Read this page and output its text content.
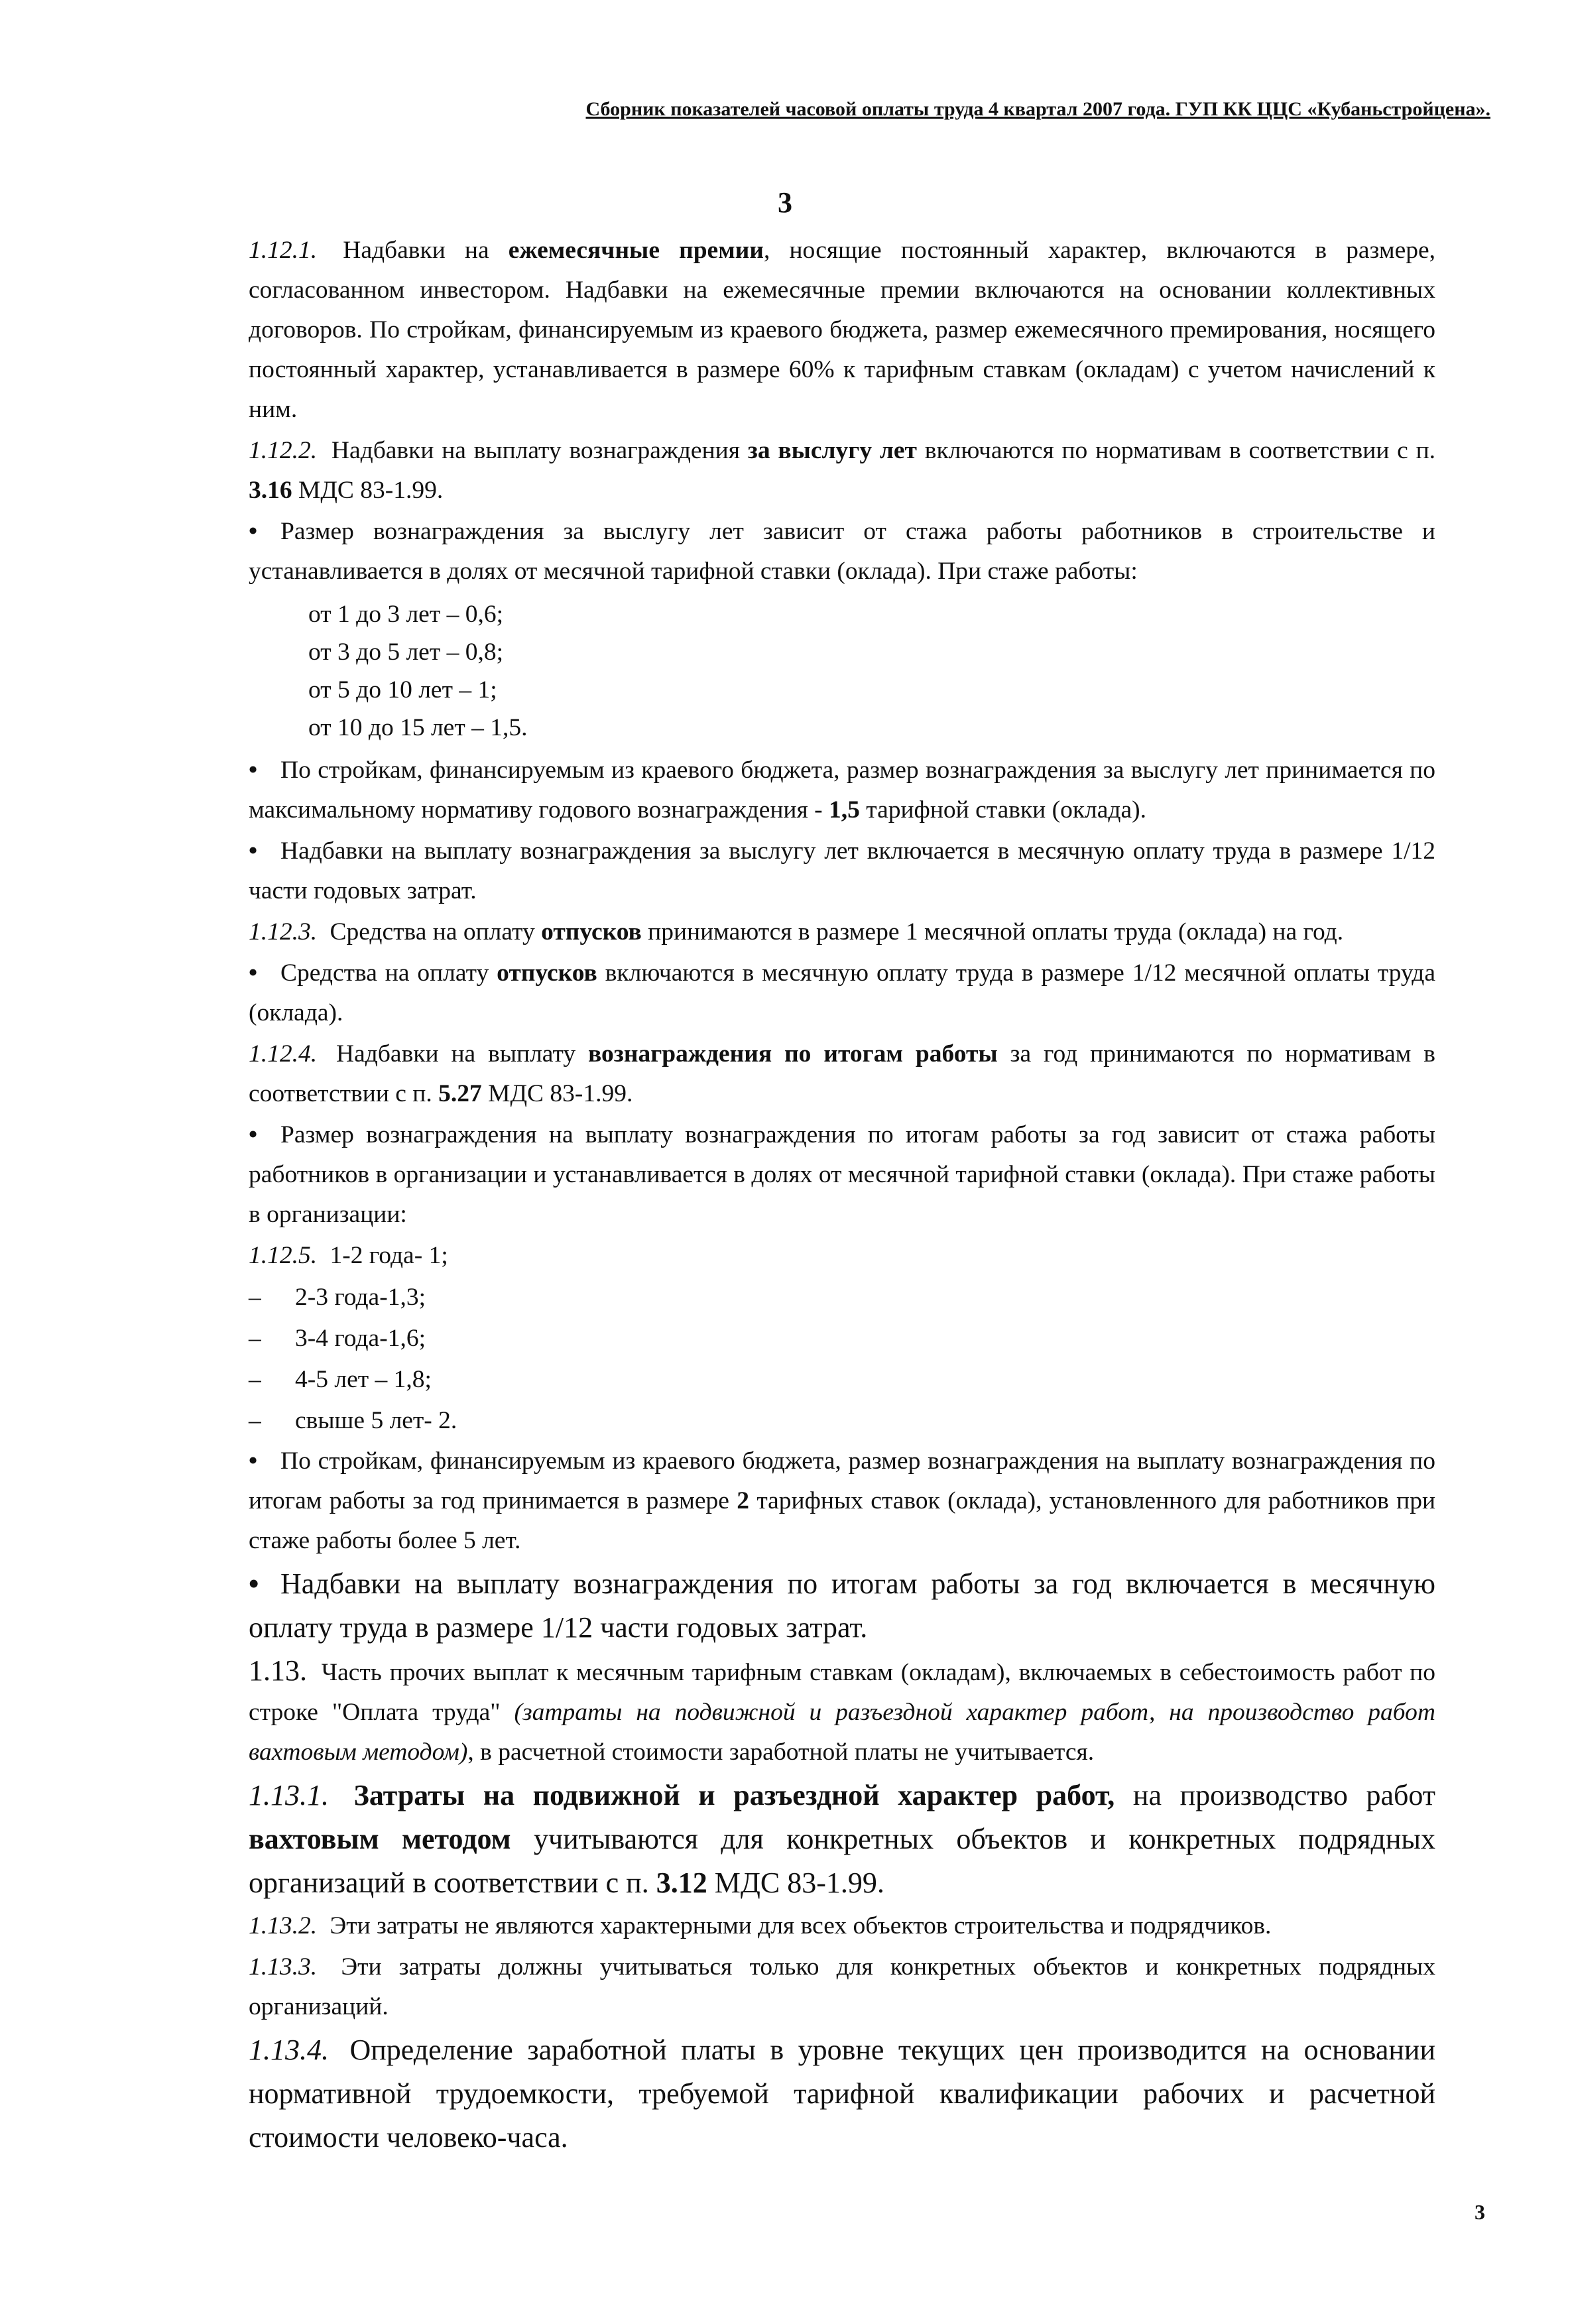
Сборник показателей часовой оплаты труда 4 квартал 2007 года. ГУП КК ЦЦС «Кубаньстройцена».
3

1.12.1. Надбавки на ежемесячные премии, носящие постоянный характер, включаются в размере, согласованном инвестором. Надбавки на ежемесячные премии включаются на основании коллективных договоров. По стройкам, финансируемым из краевого бюджета, размер ежемесячного премирования, носящего постоянный характер, устанавливается в размере 60% к тарифным ставкам (окладам) с учетом начислений к ним.

1.12.2. Надбавки на выплату вознаграждения за выслугу лет включаются по нормативам в соответствии с п. 3.16 МДС 83-1.99.

• Размер вознаграждения за выслугу лет зависит от стажа работы работников в строительстве и устанавливается в долях от месячной тарифной ставки (оклада). При стаже работы:

от 1 до 3 лет – 0,6;
от 3 до 5 лет – 0,8;
от 5 до 10 лет – 1;
от 10 до 15 лет – 1,5.

• По стройкам, финансируемым из краевого бюджета, размер вознаграждения за выслугу лет принимается по максимальному нормативу годового вознаграждения - 1,5 тарифной ставки (оклада).

• Надбавки на выплату вознаграждения за выслугу лет включается в месячную оплату труда в размере 1/12 части годовых затрат.

1.12.3. Средства на оплату отпусков принимаются в размере 1 месячной оплаты труда (оклада) на год.

• Средства на оплату отпусков включаются в месячную оплату труда в размере 1/12 месячной оплаты труда (оклада).

1.12.4. Надбавки на выплату вознаграждения по итогам работы за год принимаются по нормативам в соответствии с п. 5.27 МДС 83-1.99.

• Размер вознаграждения на выплату вознаграждения по итогам работы за год зависит от стажа работы работников в организации и устанавливается в долях от месячной тарифной ставки (оклада). При стаже работы в организации:

1.12.5. 1-2 года- 1;

– 2-3 года-1,3;
– 3-4 года-1,6;
– 4-5 лет – 1,8;
– свыше 5 лет- 2.

• По стройкам, финансируемым из краевого бюджета, размер вознаграждения на выплату вознаграждения по итогам работы за год принимается в размере 2 тарифных ставок (оклада), установленного для работников при стаже работы более 5 лет.

• Надбавки на выплату вознаграждения по итогам работы за год включается в месячную оплату труда в размере 1/12 части годовых затрат.

1.13. Часть прочих выплат к месячным тарифным ставкам (окладам), включаемых в себестоимость работ по строке "Оплата труда" (затраты на подвижной и разъездной характер работ, на производство работ вахтовым методом), в расчетной стоимости заработной платы не учитывается.

1.13.1. Затраты на подвижной и разъездной характер работ, на производство работ вахтовым методом учитываются для конкретных объектов и конкретных подрядных организаций в соответствии с п. 3.12 МДС 83-1.99.

1.13.2. Эти затраты не являются характерными для всех объектов строительства и подрядчиков.

1.13.3. Эти затраты должны учитываться только для конкретных объектов и конкретных подрядных организаций.

1.13.4. Определение заработной платы в уровне текущих цен производится на основании нормативной трудоемкости, требуемой тарифной квалификации рабочих и расчетной стоимости человеко-часа.

3
